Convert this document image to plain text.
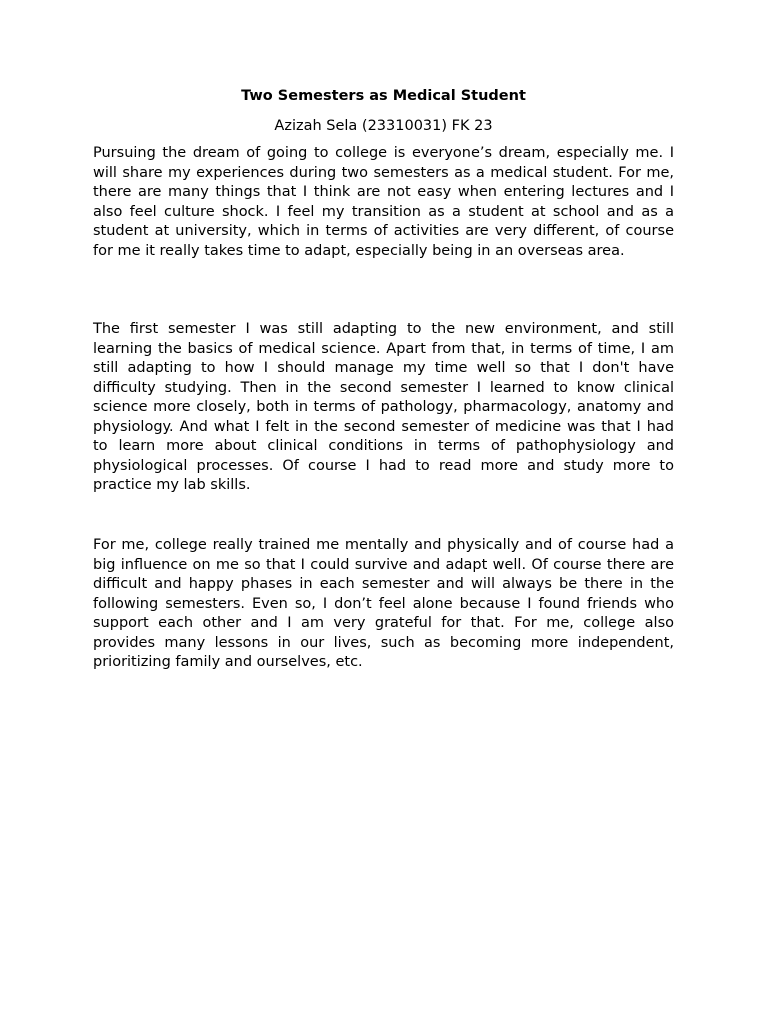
Two Semesters as Medical Student

Azizah Sela (23310031) FK 23

Pursuing the dream of going to college is everyone’s dream, especially me. I will share my experiences during two semesters as a medical student. For me, there are many things that I think are not easy when entering lectures and I also feel culture shock. I feel my transition as a student at school and as a student at university, which in terms of activities are very different, of course for me it really takes time to adapt, especially being in an overseas area.

The first semester I was still adapting to the new environment, and still learning the basics of medical science. Apart from that, in terms of time, I am still adapting to how I should manage my time well so that I don't have difficulty studying. Then in the second semester I learned to know clinical science more closely, both in terms of pathology, pharmacology, anatomy and physiology. And what I felt in the second semester of medicine was that I had to learn more about clinical conditions in terms of pathophysiology and physiological processes. Of course I had to read more and study more to practice my lab skills.

For me, college really trained me mentally and physically and of course had a big influence on me so that I could survive and adapt well. Of course there are difficult and happy phases in each semester and will always be there in the following semesters. Even so, I don’t feel alone because I found friends who support each other and I am very grateful for that. For me, college also provides many lessons in our lives, such as becoming more independent, prioritizing family and ourselves, etc.
